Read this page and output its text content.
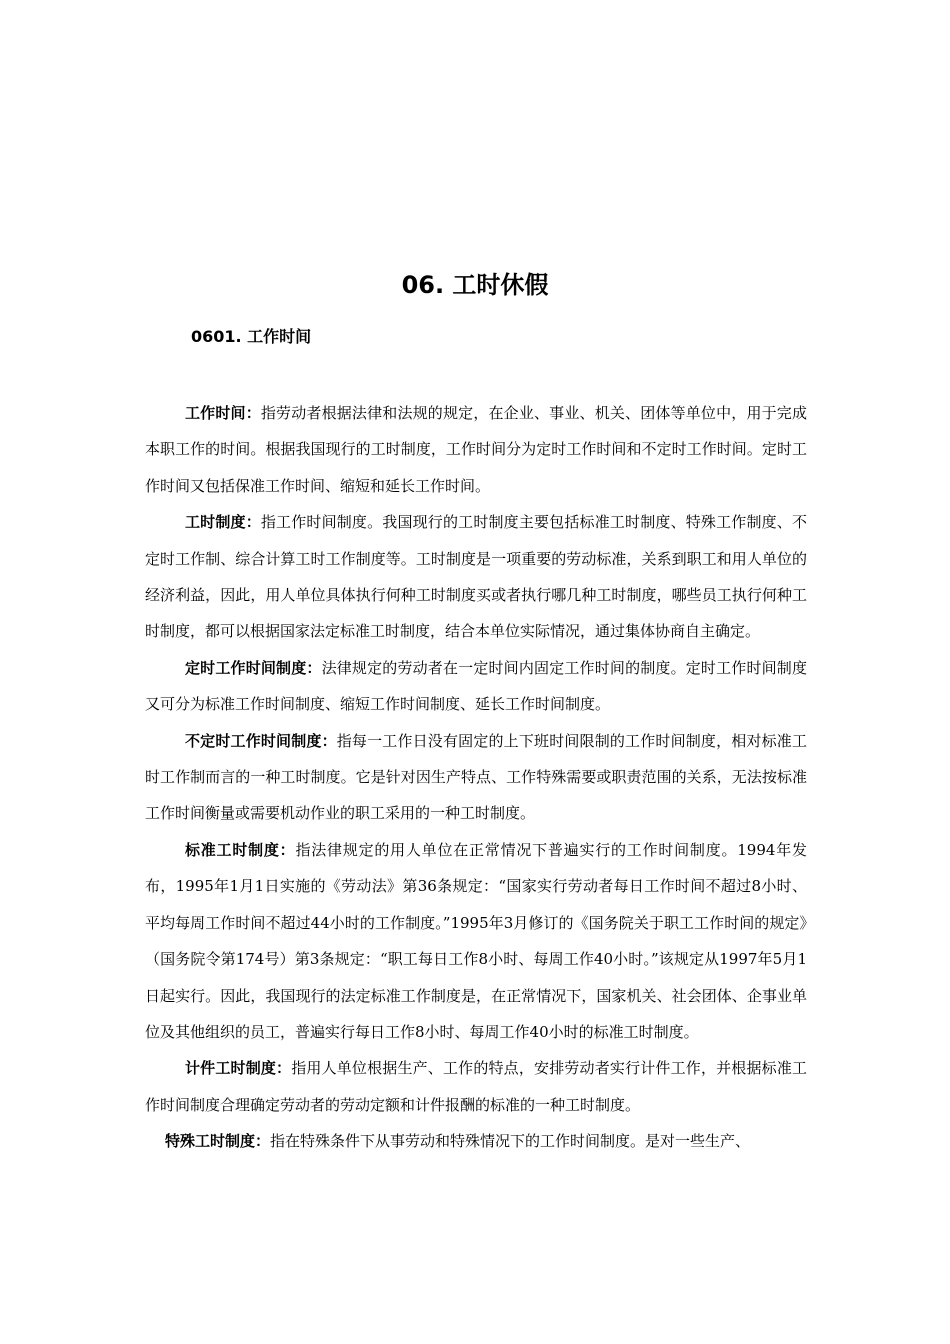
06. 工时休假
0601. 工作时间

工作时间：指劳动者根据法律和法规的规定，在企业、事业、机关、团体等单位中，用于完成本职工作的时间。根据我国现行的工时制度，工作时间分为定时工作时间和不定时工作时间。定时工作时间又包括保准工作时间、缩短和延长工作时间。

工时制度：指工作时间制度。我国现行的工时制度主要包括标准工时制度、特殊工作制度、不定时工作制、综合计算工时工作制度等。工时制度是一项重要的劳动标准，关系到职工和用人单位的经济利益，因此，用人单位具体执行何种工时制度买或者执行哪几种工时制度，哪些员工执行何种工时制度，都可以根据国家法定标准工时制度，结合本单位实际情况，通过集体协商自主确定。

定时工作时间制度：法律规定的劳动者在一定时间内固定工作时间的制度。定时工作时间制度又可分为标准工作时间制度、缩短工作时间制度、延长工作时间制度。

不定时工作时间制度：指每一工作日没有固定的上下班时间限制的工作时间制度，相对标准工时工作制而言的一种工时制度。它是针对因生产特点、工作特殊需要或职责范围的关系，无法按标准工作时间衡量或需要机动作业的职工采用的一种工时制度。

标准工时制度：指法律规定的用人单位在正常情况下普遍实行的工作时间制度。1994年发布，1995年1月1日实施的《劳动法》第36条规定：“国家实行劳动者每日工作时间不超过8小时、平均每周工作时间不超过44小时的工作制度。”1995年3月修订的《国务院关于职工工作时间的规定》（国务院令第174号）第3条规定：“职工每日工作8小时、每周工作40小时。”该规定从1997年5月1日起实行。因此，我国现行的法定标准工作制度是，在正常情况下，国家机关、社会团体、企事业单位及其他组织的员工，普遍实行每日工作8小时、每周工作40小时的标准工时制度。

计件工时制度：指用人单位根据生产、工作的特点，安排劳动者实行计件工作，并根据标准工作时间制度合理确定劳动者的劳动定额和计件报酬的标准的一种工时制度。

特殊工时制度：指在特殊条件下从事劳动和特殊情况下的工作时间制度。是对一些生产、
